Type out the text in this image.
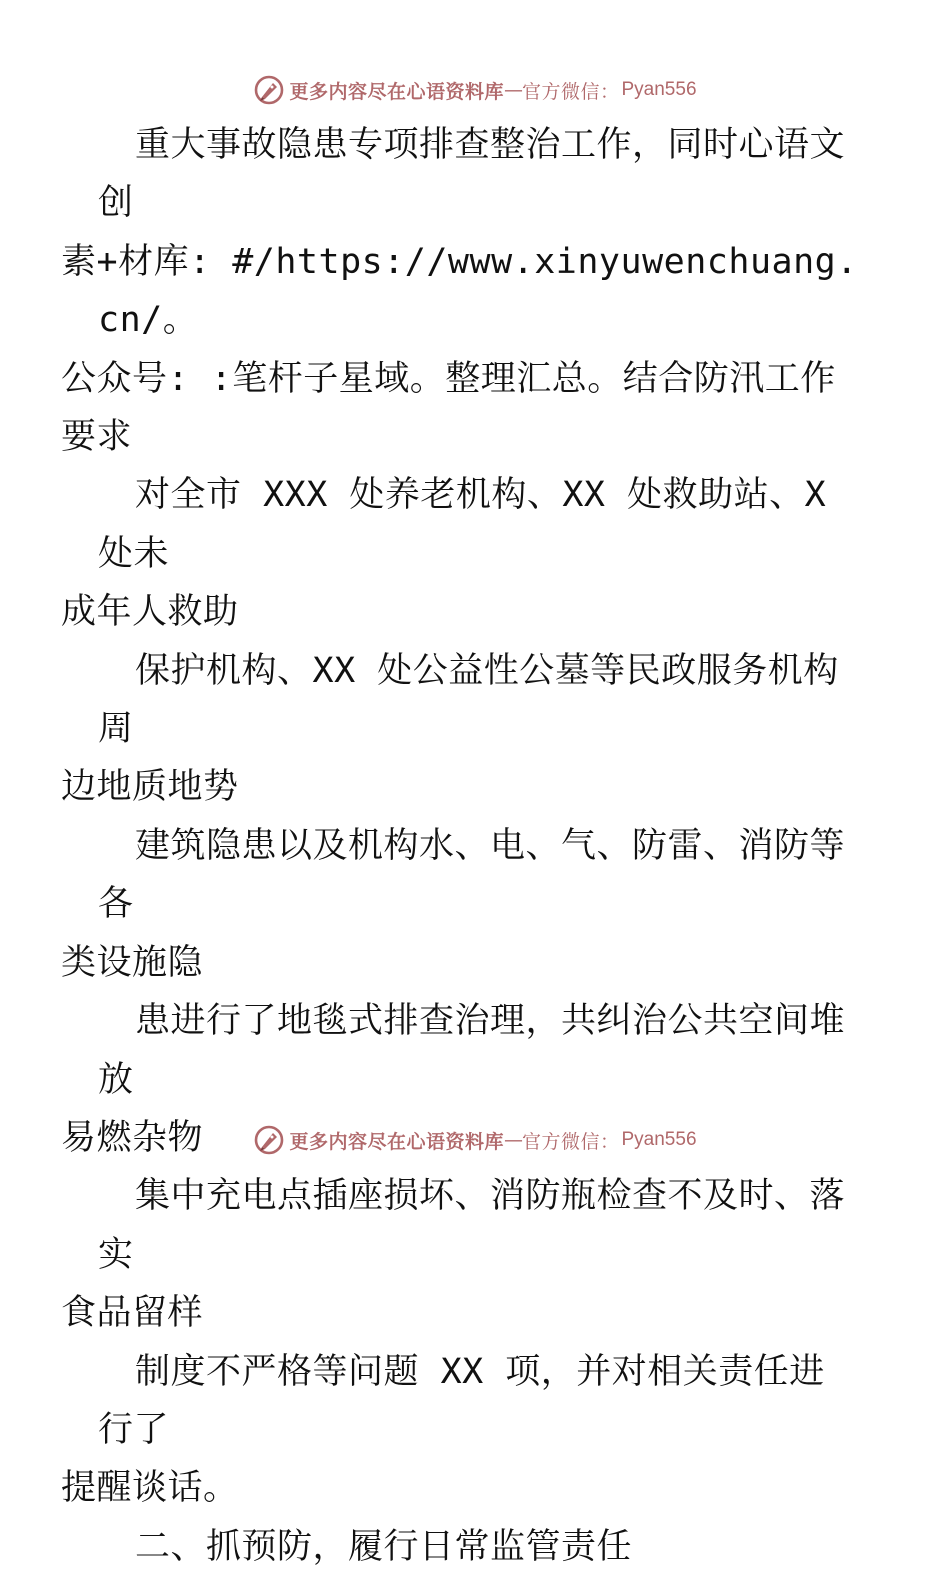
更多内容尽在心语资料库 — 官方微信： Pyan556

重大事故隐患专项排查整治工作，同时心语文创
素+材库: #/https://www.xinyuwenchuang.cn/。
公众号: :笔杆子星域。整理汇总。结合防汛工作
要求

对全市 XXX 处养老机构、XX 处救助站、X 处未
成年人救助

保护机构、XX 处公益性公墓等民政服务机构周
边地质地势

建筑隐患以及机构水、电、气、防雷、消防等各
类设施隐

患进行了地毯式排查治理，共纠治公共空间堆放
易燃杂物

集中充电点插座损坏、消防瓶检查不及时、落实
食品留样

制度不严格等问题 XX 项，并对相关责任进行了
提醒谈话。

二、抓预防，履行日常监管责任

更多内容尽在心语资料库 — 官方微信： Pyan556
